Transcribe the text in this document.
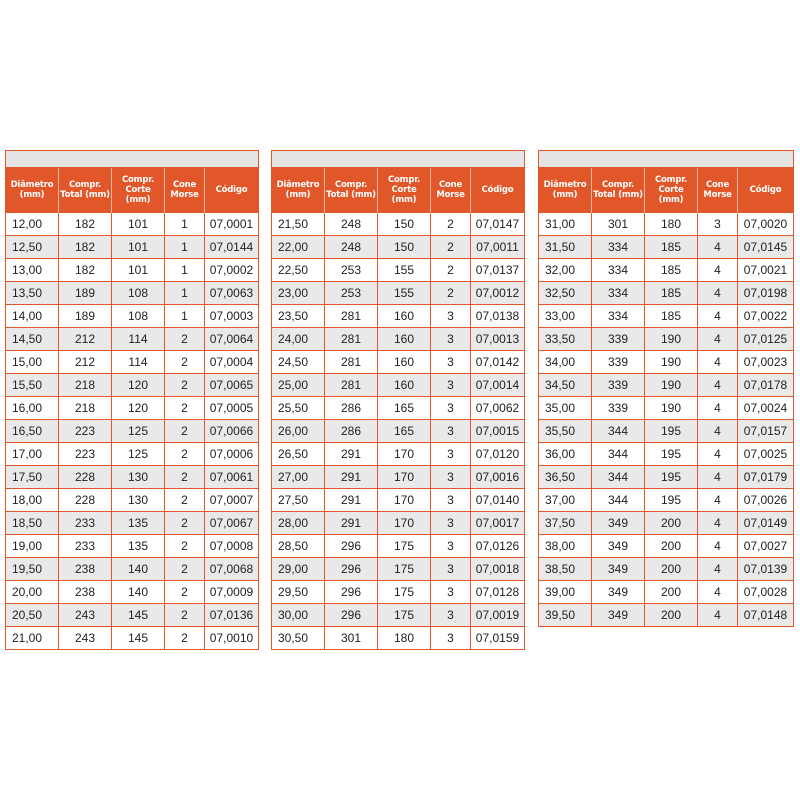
Diâmetro (mm)	Compr. Total (mm)	Compr. Corte (mm)	Cone Morse	Código
12,00	182	101	1	07,0001
12,50	182	101	1	07,0144
13,00	182	101	1	07,0002
13,50	189	108	1	07,0063
14,00	189	108	1	07,0003
14,50	212	114	2	07,0064
15,00	212	114	2	07,0004
15,50	218	120	2	07,0065
16,00	218	120	2	07,0005
16,50	223	125	2	07,0066
17,00	223	125	2	07,0006
17,50	228	130	2	07,0061
18,00	228	130	2	07,0007
18,50	233	135	2	07,0067
19,00	233	135	2	07,0008
19,50	238	140	2	07,0068
20,00	238	140	2	07,0009
20,50	243	145	2	07,0136
21,00	243	145	2	07,0010
Diâmetro (mm)	Compr. Total (mm)	Compr. Corte (mm)	Cone Morse	Código
21,50	248	150	2	07,0147
22,00	248	150	2	07,0011
22,50	253	155	2	07,0137
23,00	253	155	2	07,0012
23,50	281	160	3	07,0138
24,00	281	160	3	07,0013
24,50	281	160	3	07,0142
25,00	281	160	3	07,0014
25,50	286	165	3	07,0062
26,00	286	165	3	07,0015
26,50	291	170	3	07,0120
27,00	291	170	3	07,0016
27,50	291	170	3	07,0140
28,00	291	170	3	07,0017
28,50	296	175	3	07,0126
29,00	296	175	3	07,0018
29,50	296	175	3	07,0128
30,00	296	175	3	07,0019
30,50	301	180	3	07,0159
Diâmetro (mm)	Compr. Total (mm)	Compr. Corte (mm)	Cone Morse	Código
31,00	301	180	3	07,0020
31,50	334	185	4	07,0145
32,00	334	185	4	07,0021
32,50	334	185	4	07,0198
33,00	334	185	4	07,0022
33,50	339	190	4	07,0125
34,00	339	190	4	07,0023
34,50	339	190	4	07,0178
35,00	339	190	4	07,0024
35,50	344	195	4	07,0157
36,00	344	195	4	07,0025
36,50	344	195	4	07,0179
37,00	344	195	4	07,0026
37,50	349	200	4	07,0149
38,00	349	200	4	07,0027
38,50	349	200	4	07,0139
39,00	349	200	4	07,0028
39,50	349	200	4	07,0148
